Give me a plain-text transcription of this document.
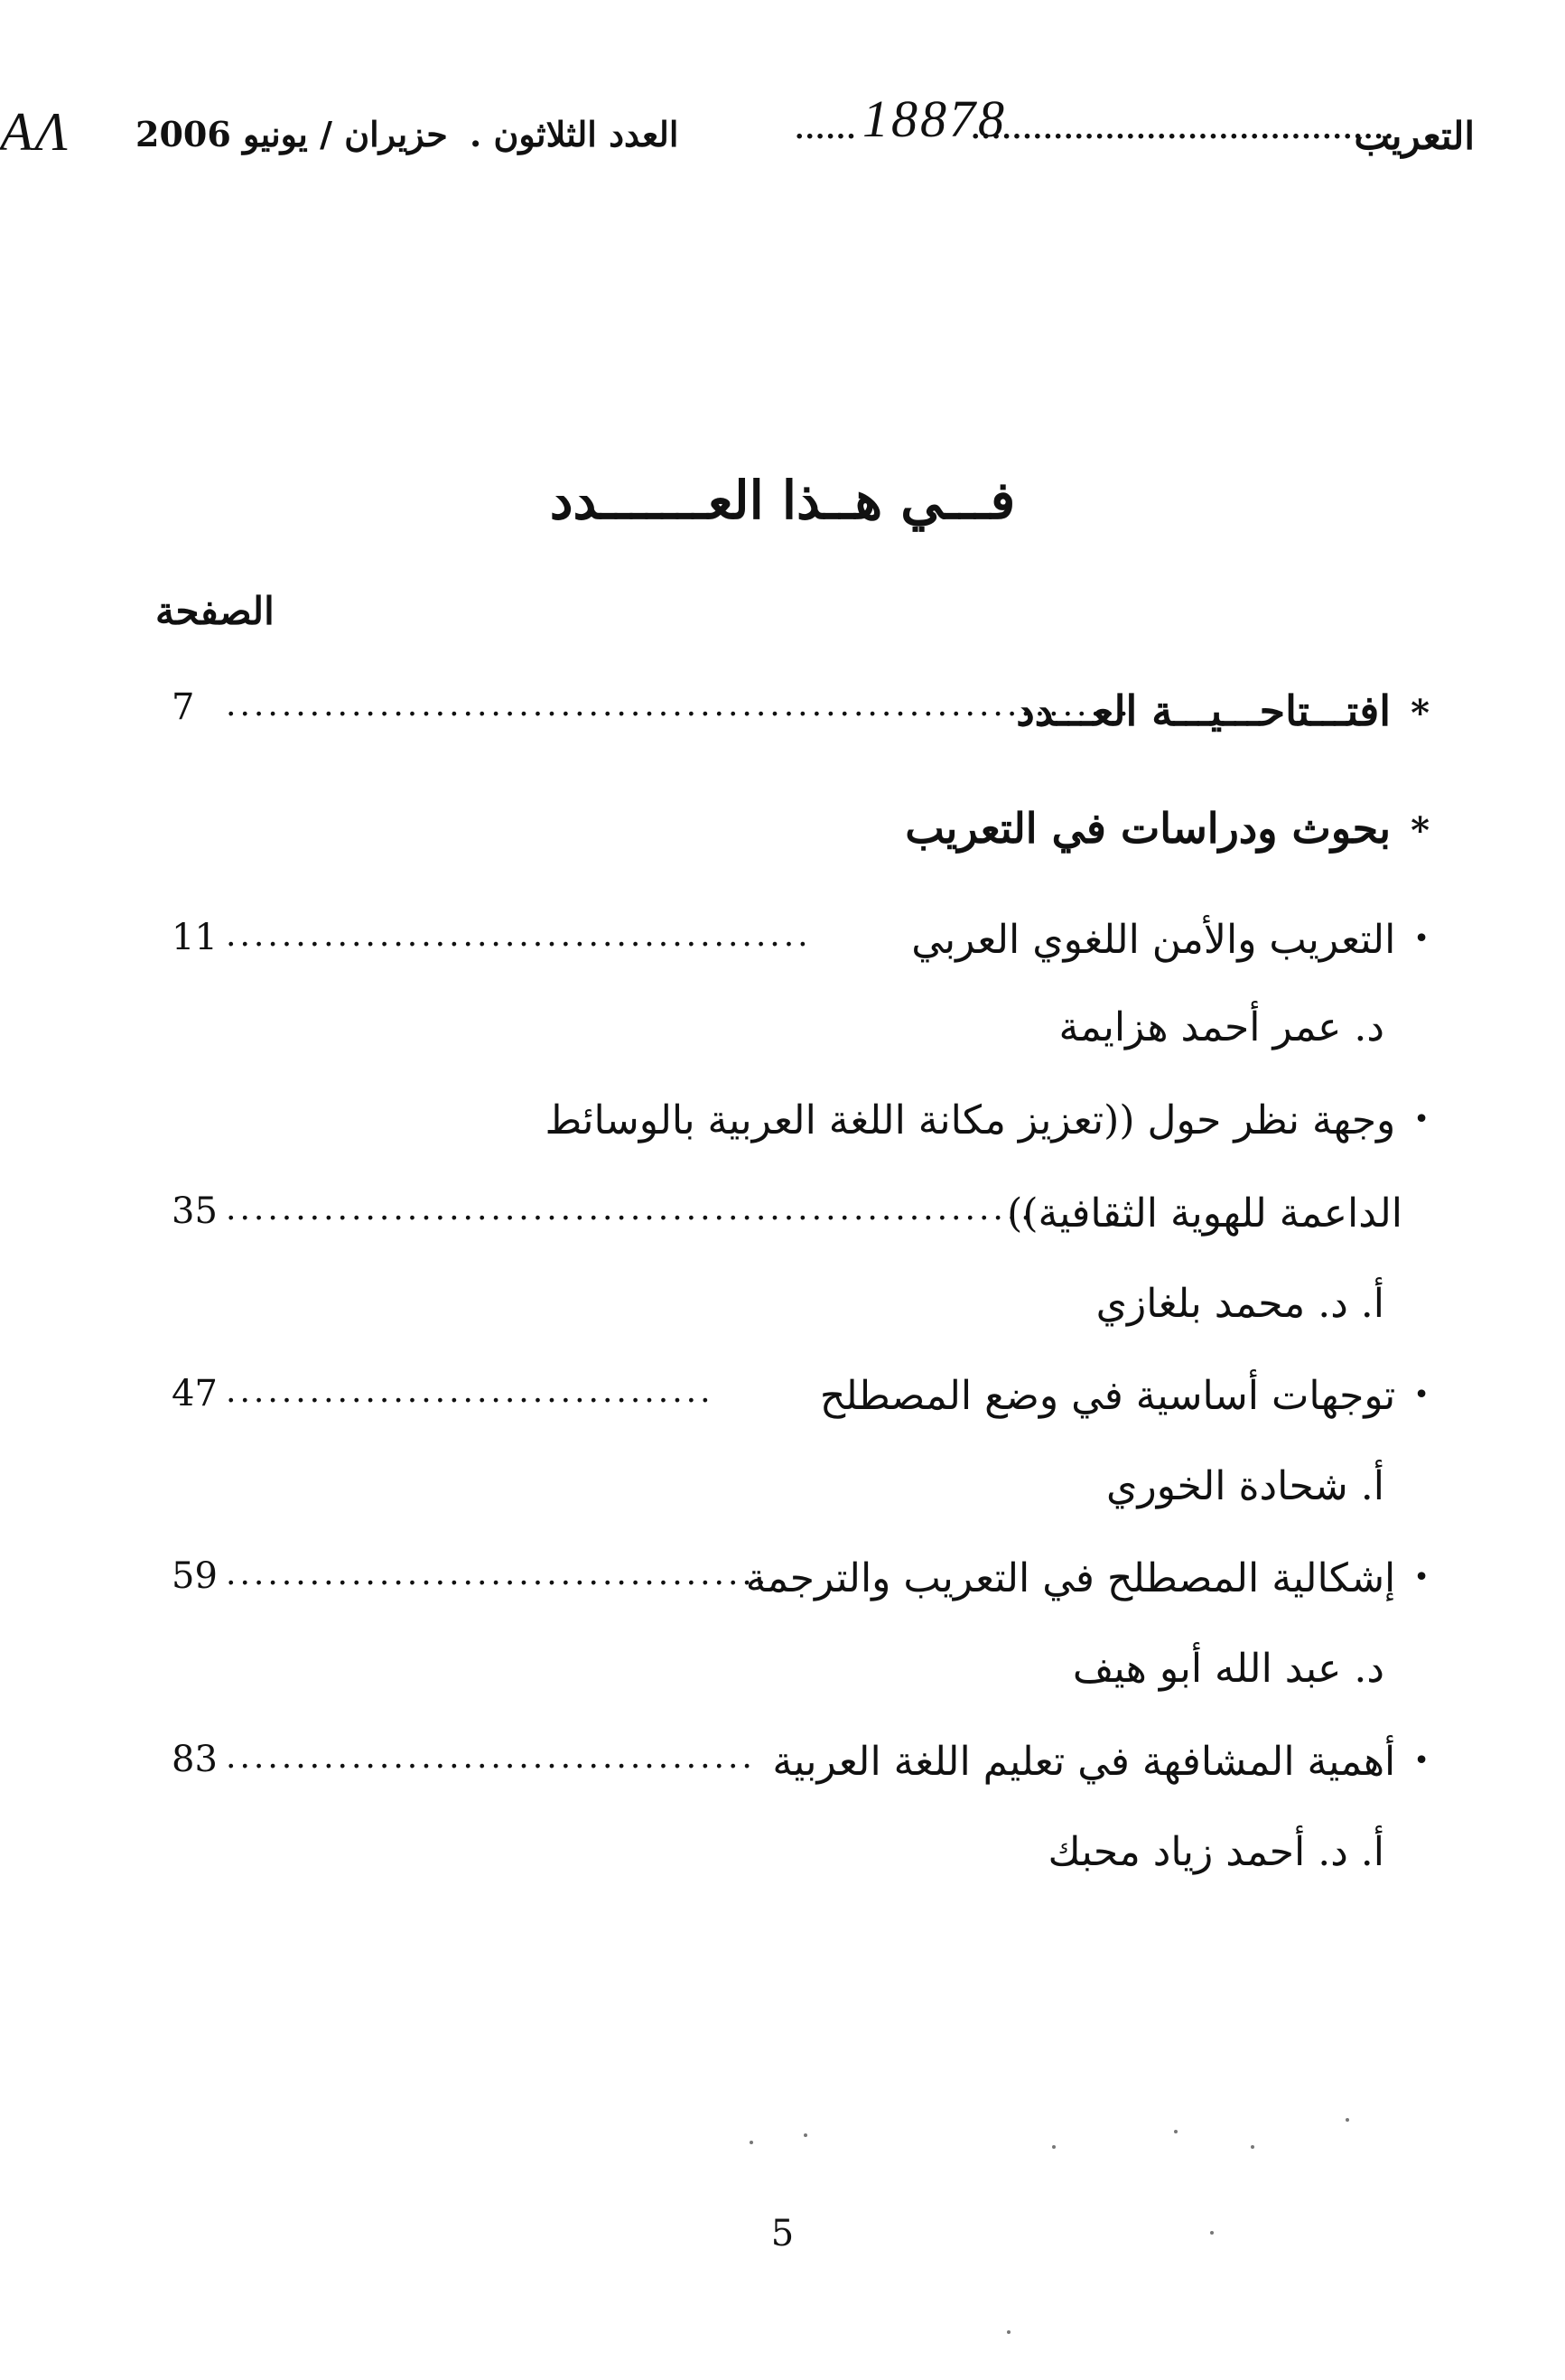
ΑΛ حزيران / يونيو 2006 العدد الثلاثون .	...... 18878
.........................................
التعريب
فـــي هــذا العـــــــدد
الصفحة
*افتـــتاحـــيـــة العـــدد
.................................................................
7
*بحوث ودراسات في التعريب
•التعريب والأمن اللغوي العربي
..........................................
11
د. عمر أحمد هزايمة
•وجهة نظر حول ((تعزيز مكانة اللغة العربية بالوسائط
الداعمة للهوية الثقافية))
..........................................................
35
أ. د. محمد بلغازي
•توجهات أساسية في وضع المصطلح
...................................
47
أ. شحادة الخوري
•إشكالية المصطلح في التعريب والترجمة
.......................................
59
د. عبد الله أبو هيف
•أهمية المشافهة في تعليم اللغة العربية
......................................
83
أ. د. أحمد زياد محبك
5
